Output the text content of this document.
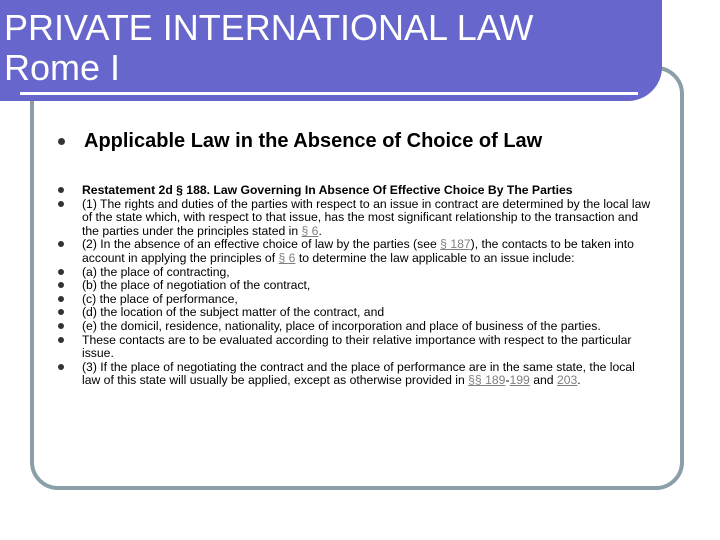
PRIVATE INTERNATIONAL LAW
Rome I
Applicable Law in the Absence of Choice of Law
Restatement 2d § 188. Law Governing In Absence Of Effective Choice By The Parties
(1) The rights and duties of the parties with respect to an issue in contract are determined by the local law of the state which, with respect to that issue, has the most significant relationship to the transaction and the parties under the principles stated in § 6.
(2) In the absence of an effective choice of law by the parties (see § 187), the contacts to be taken into account in applying the principles of § 6 to determine the law applicable to an issue include:
(a) the place of contracting,
(b) the place of negotiation of the contract,
(c) the place of performance,
(d) the location of the subject matter of the contract, and
(e) the domicil, residence, nationality, place of incorporation and place of business of the parties.
These contacts are to be evaluated according to their relative importance with respect to the particular issue.
(3) If the place of negotiating the contract and the place of performance are in the same state, the local law of this state will usually be applied, except as otherwise provided in §§ 189-199 and 203.
